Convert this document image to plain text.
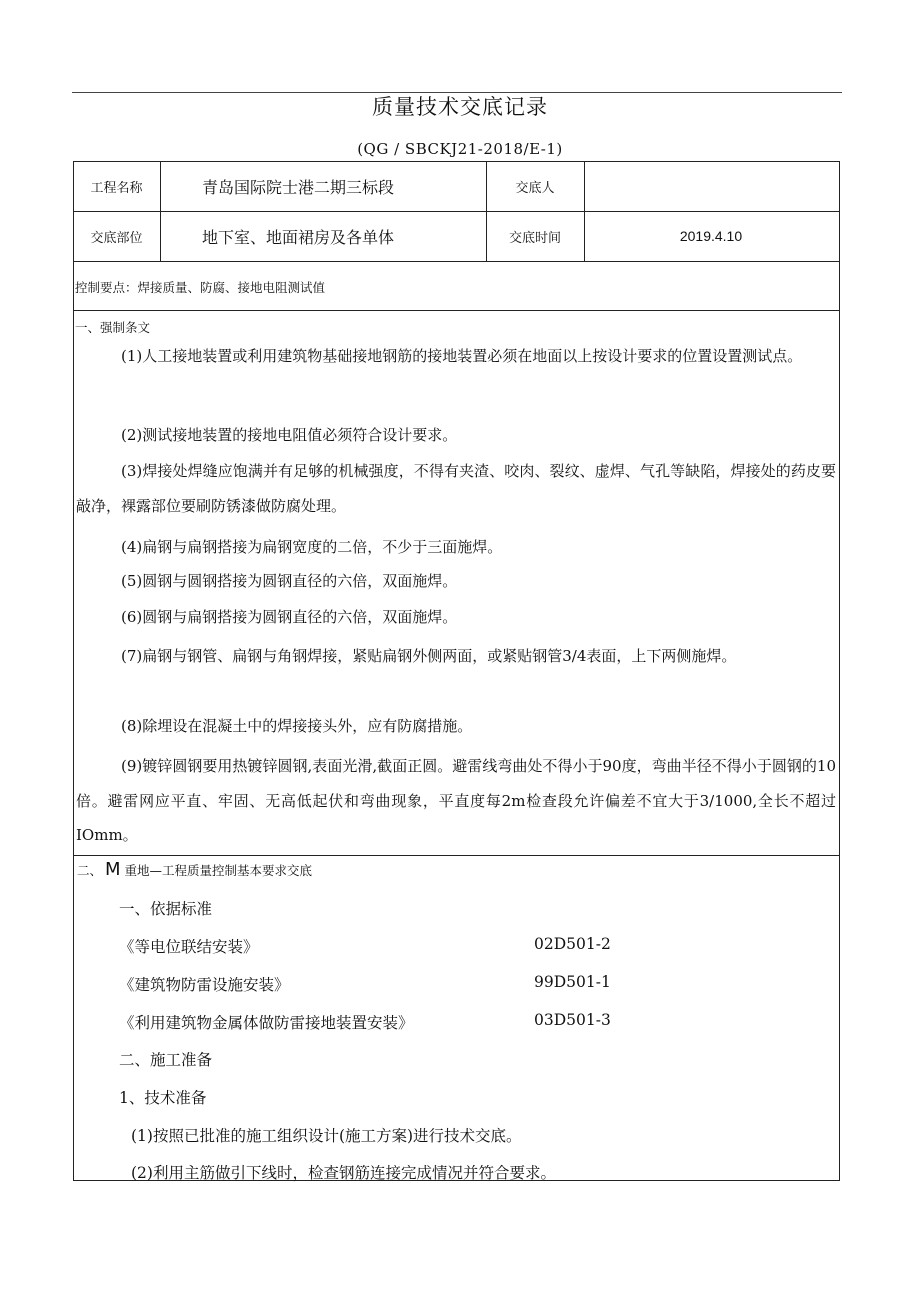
质量技术交底记录
(QG / SBCKJ21-2018/E-1)
工程名称	青岛国际院士港二期三标段	交底人
交底部位	地下室、地面裙房及各单体	交底时间	2019.4.10
控制要点：焊接质量、防腐、接地电阻测试值
一、强制条文
(1)人工接地装置或利用建筑物基础接地钢筋的接地装置必须在地面以上按设计要求的位置设置测试点。
(2)测试接地装置的接地电阻值必须符合设计要求。
(3)焊接处焊缝应饱满并有足够的机械强度，不得有夹渣、咬肉、裂纹、虚焊、气孔等缺陷，焊接处的药皮要敲净，裸露部位要刷防锈漆做防腐处理。
(4)扁钢与扁钢搭接为扁钢宽度的二倍，不少于三面施焊。
(5)圆钢与圆钢搭接为圆钢直径的六倍，双面施焊。
(6)圆钢与扁钢搭接为圆钢直径的六倍，双面施焊。
(7)扁钢与钢管、扁钢与角钢焊接，紧贴扁钢外侧两面，或紧贴钢管3/4表面，上下两侧施焊。
(8)除埋设在混凝土中的焊接接头外，应有防腐措施。
(9)镀锌圆钢要用热镀锌圆钢,表面光滑,截面正圆。避雷线弯曲处不得小于90度，弯曲半径不得小于圆钢的10倍。避雷网应平直、牢固、无高低起伏和弯曲现象，平直度每2m检查段允许偏差不宜大于3/1000,全长不超过IOmm。
二、 M 重地—工程质量控制基本要求交底
一、依据标准
《等电位联结安装》	02D501-2
《建筑物防雷设施安装》	99D501-1
《利用建筑物金属体做防雷接地装置安装》	03D501-3
二、施工准备
1、技术准备
(1)按照已批准的施工组织设计(施工方案)进行技术交底。
(2)利用主筋做引下线时，检查钢筋连接完成情况并符合要求。
